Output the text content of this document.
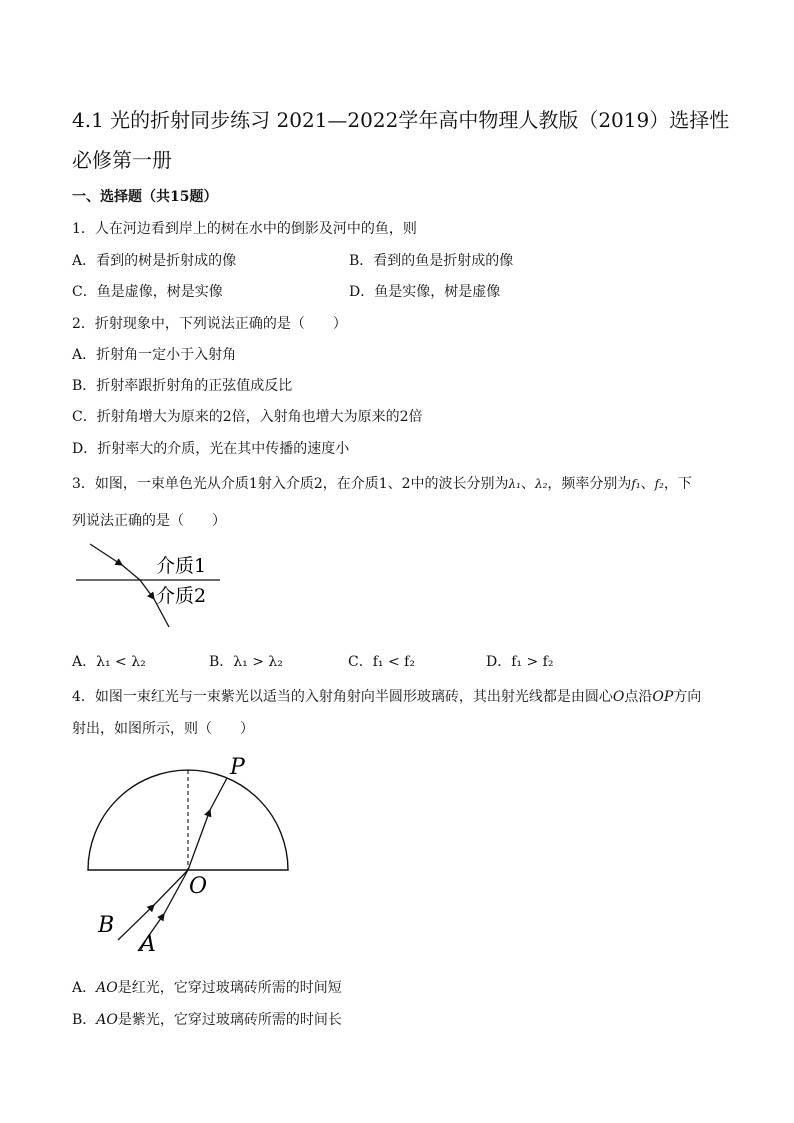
4.1 光的折射同步练习 2021—2022学年高中物理人教版（2019）选择性必修第一册
一、选择题（共15题）
1．人在河边看到岸上的树在水中的倒影及河中的鱼，则
A．看到的树是折射成的像	B．看到的鱼是折射成的像
C．鱼是虚像，树是实像	D．鱼是实像，树是虚像
2．折射现象中，下列说法正确的是（　　）
A．折射角一定小于入射角
B．折射率跟折射角的正弦值成反比
C．折射角增大为原来的2倍，入射角也增大为原来的2倍
D．折射率大的介质，光在其中传播的速度小
3．如图，一束单色光从介质1射入介质2，在介质1、2中的波长分别为λ₁、λ₂，频率分别为f₁、f₂，下
列说法正确的是（　　）
介质1
介质2
A．λ₁ < λ₂	B．λ₁ > λ₂	C．f₁ < f₂	D．f₁ > f₂
4．如图一束红光与一束紫光以适当的入射角射向半圆形玻璃砖，其出射光线都是由圆心O点沿OP方向
射出，如图所示，则（　　）
P
O
B
A
A．AO是红光，它穿过玻璃砖所需的时间短
B．AO是紫光，它穿过玻璃砖所需的时间长
